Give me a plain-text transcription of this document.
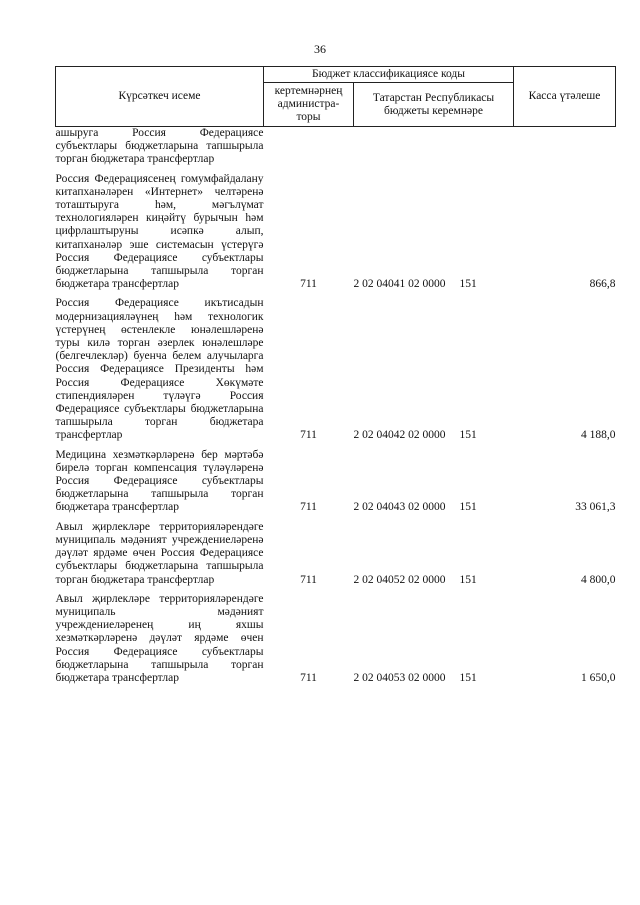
36
Күрсәткеч исеме	Бюджет классификациясе коды		Касса үтәлеше
	кертемнәрнең администра-торы	Татарстан Республикасы бюджеты керемнәре	

ашыруга Россия Федерациясе субъектлары бюджетларына тапшырыла торган бюджетара трансфертлар			

Россия Федерациясенең гомумфайдалану китапханәләрен «Интернет» челтәренә тоташтыруга һәм, мәгълүмат технологияләрен киңәйтү бурычын һәм цифрлаштыруны исәпкә алып, китапханәләр эше системасын үстерүгә Россия Федерациясе субъектлары бюджетларына тапшырыла торган бюджетара трансфертлар	711	2 02 04041 02 0000 151	866,8

Россия Федерациясе икътисадын модернизацияләүнең һәм технологик үстерүнең өстенлекле юнәлешләренә туры килә торган әзерлек юнәлешләре (белгечлекләр) буенча белем алучыларга Россия Федерациясе Президенты һәм Россия Федерациясе Хөкүмәте стипендияләрен түләүгә Россия Федерациясе субъектлары бюджетларына тапшырыла торган бюджетара трансфертлар	711	2 02 04042 02 0000 151	4 188,0

Медицина хезмәткәрләренә бер мәртәбә бирелә торган компенсация түләүләренә Россия Федерациясе субъектлары бюджетларына тапшырыла торган бюджетара трансфертлар	711	2 02 04043 02 0000 151	33 061,3

Авыл җирлекләре территорияләрендәге муниципаль мәдәният учреждениеләренә дәүләт ярдәме өчен Россия Федерациясе субъектлары бюджетларына тапшырыла торган бюджетара трансфертлар	711	2 02 04052 02 0000 151	4 800,0

Авыл җирлекләре территорияләрендәге муниципаль мәдәният учреждениеләренең иң яхшы хезмәткәрләренә дәүләт ярдәме өчен Россия Федерациясе субъектлары бюджетларына тапшырыла торган бюджетара трансфертлар	711	2 02 04053 02 0000 151	1 650,0
